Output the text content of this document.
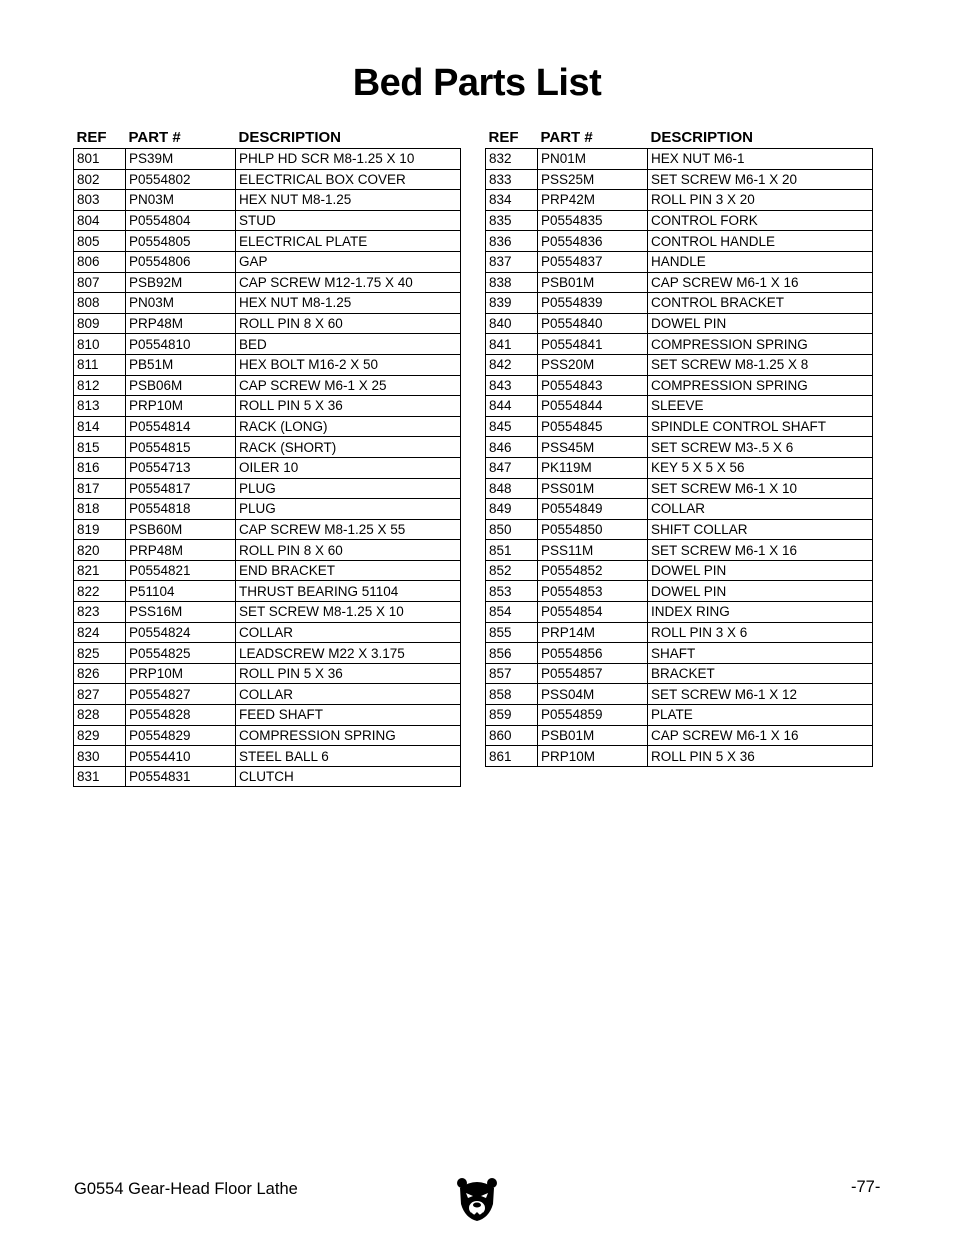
Bed Parts List
REF	PART #	DESCRIPTION
801	PS39M	PHLP HD SCR M8-1.25 X 10
802	P0554802	ELECTRICAL BOX COVER
803	PN03M	HEX NUT M8-1.25
804	P0554804	STUD
805	P0554805	ELECTRICAL PLATE
806	P0554806	GAP
807	PSB92M	CAP SCREW M12-1.75 X 40
808	PN03M	HEX NUT M8-1.25
809	PRP48M	ROLL PIN 8 X 60
810	P0554810	BED
811	PB51M	HEX BOLT M16-2 X 50
812	PSB06M	CAP SCREW M6-1 X 25
813	PRP10M	ROLL PIN 5 X 36
814	P0554814	RACK (LONG)
815	P0554815	RACK (SHORT)
816	P0554713	OILER 10
817	P0554817	PLUG
818	P0554818	PLUG
819	PSB60M	CAP SCREW M8-1.25 X 55
820	PRP48M	ROLL PIN 8 X 60
821	P0554821	END BRACKET
822	P51104	THRUST BEARING 51104
823	PSS16M	SET SCREW M8-1.25 X 10
824	P0554824	COLLAR
825	P0554825	LEADSCREW M22 X 3.175
826	PRP10M	ROLL PIN 5 X 36
827	P0554827	COLLAR
828	P0554828	FEED SHAFT
829	P0554829	COMPRESSION SPRING
830	P0554410	STEEL BALL 6
831	P0554831	CLUTCH
REF	PART #	DESCRIPTION
832	PN01M	HEX NUT M6-1
833	PSS25M	SET SCREW M6-1 X 20
834	PRP42M	ROLL PIN 3 X 20
835	P0554835	CONTROL FORK
836	P0554836	CONTROL HANDLE
837	P0554837	HANDLE
838	PSB01M	CAP SCREW M6-1 X 16
839	P0554839	CONTROL BRACKET
840	P0554840	DOWEL PIN
841	P0554841	COMPRESSION SPRING
842	PSS20M	SET SCREW M8-1.25 X 8
843	P0554843	COMPRESSION SPRING
844	P0554844	SLEEVE
845	P0554845	SPINDLE CONTROL SHAFT
846	PSS45M	SET SCREW M3-.5 X 6
847	PK119M	KEY 5 X 5 X 56
848	PSS01M	SET SCREW M6-1 X 10
849	P0554849	COLLAR
850	P0554850	SHIFT COLLAR
851	PSS11M	SET SCREW M6-1 X 16
852	P0554852	DOWEL PIN
853	P0554853	DOWEL PIN
854	P0554854	INDEX RING
855	PRP14M	ROLL PIN 3 X 6
856	P0554856	SHAFT
857	P0554857	BRACKET
858	PSS04M	SET SCREW M6-1 X 12
859	P0554859	PLATE
860	PSB01M	CAP SCREW M6-1 X 16
861	PRP10M	ROLL PIN 5 X 36
G0554 Gear-Head Floor Lathe	-77-
